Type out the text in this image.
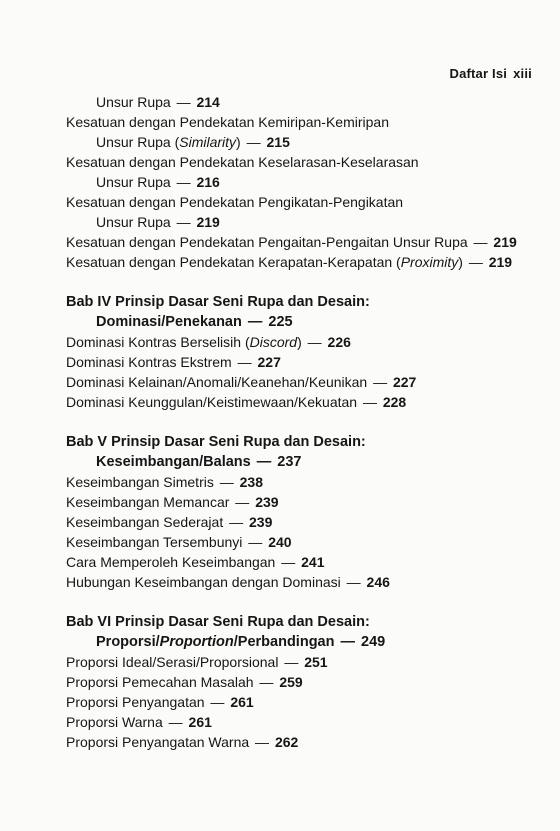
Daftar Isi xiii
Unsur Rupa — 214
Kesatuan dengan Pendekatan Kemiripan-Kemiripan
Unsur Rupa (Similarity) — 215
Kesatuan dengan Pendekatan Keselarasan-Keselarasan
Unsur Rupa — 216
Kesatuan dengan Pendekatan Pengikatan-Pengikatan
Unsur Rupa — 219
Kesatuan dengan Pendekatan Pengaitan-Pengaitan Unsur Rupa — 219
Kesatuan dengan Pendekatan Kerapatan-Kerapatan (Proximity) — 219
Bab IV Prinsip Dasar Seni Rupa dan Desain:
Dominasi/Penekanan — 225
Dominasi Kontras Berselisih (Discord) — 226
Dominasi Kontras Ekstrem — 227
Dominasi Kelainan/Anomali/Keanehan/Keunikan — 227
Dominasi Keunggulan/Keistimewaan/Kekuatan — 228
Bab V Prinsip Dasar Seni Rupa dan Desain:
Keseimbangan/Balans — 237
Keseimbangan Simetris — 238
Keseimbangan Memancar — 239
Keseimbangan Sederajat — 239
Keseimbangan Tersembunyi — 240
Cara Memperoleh Keseimbangan — 241
Hubungan Keseimbangan dengan Dominasi — 246
Bab VI Prinsip Dasar Seni Rupa dan Desain:
Proporsi/Proportion/Perbandingan — 249
Proporsi Ideal/Serasi/Proporsional — 251
Proporsi Pemecahan Masalah — 259
Proporsi Penyangatan — 261
Proporsi Warna — 261
Proporsi Penyangatan Warna — 262
